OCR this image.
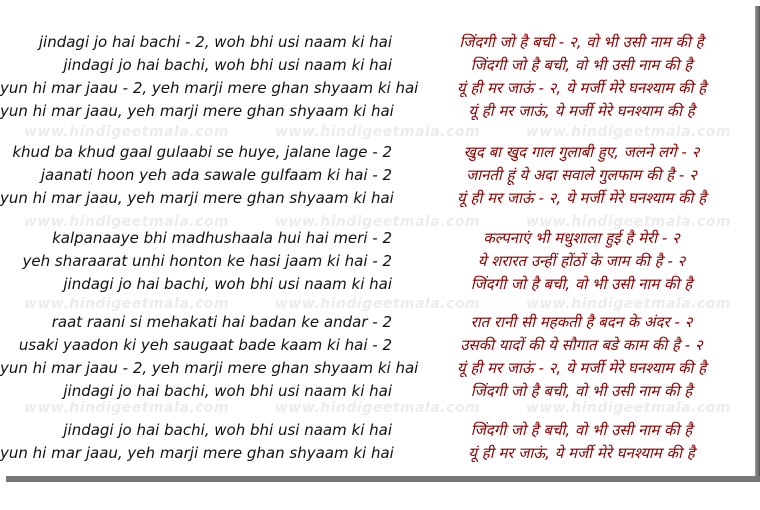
www.hindigeetmala.com	www.hindigeetmala.com	www.hindigeetmala.com
www.hindigeetmala.com	www.hindigeetmala.com	www.hindigeetmala.com
www.hindigeetmala.com	www.hindigeetmala.com	www.hindigeetmala.com
www.hindigeetmala.com	www.hindigeetmala.com	www.hindigeetmala.com
jindagi jo hai bachi - 2, woh bhi usi naam ki hai	जिंदगी जो है बची - २, वो भी उसी नाम की है
jindagi jo hai bachi, woh bhi usi naam ki hai	जिंदगी जो है बची, वो भी उसी नाम की है
yun hi mar jaau - 2, yeh marji mere ghan shyaam ki hai	यूं ही मर जाऊं - २, ये मर्जी मेरे घनश्याम की है
yun hi mar jaau, yeh marji mere ghan shyaam ki hai	यूं ही मर जाऊं, ये मर्जी मेरे घनश्याम की है
khud ba khud gaal gulaabi se huye, jalane lage - 2	खुद बा खुद गाल गुलाबी हुए, जलने लगे - २
jaanati hoon yeh ada sawale gulfaam ki hai - 2	जानती हूं ये अदा सवाले गुलफाम की है - २
yun hi mar jaau, yeh marji mere ghan shyaam ki hai	यूं ही मर जाऊं - २, ये मर्जी मेरे घनश्याम की है
kalpanaaye bhi madhushaala hui hai meri - 2	कल्पनाएं भी मधुशाला हुई है मेरी - २
yeh sharaarat unhi honton ke hasi jaam ki hai - 2	ये शरारत उन्हीं होंठों के जाम की है - २
jindagi jo hai bachi, woh bhi usi naam ki hai	जिंदगी जो है बची, वो भी उसी नाम की है
raat raani si mehakati hai badan ke andar - 2	रात रानी सी महकती है बदन के अंदर - २
usaki yaadon ki yeh saugaat bade kaam ki hai - 2	उसकी यादों की ये सौगात बडे काम की है - २
yun hi mar jaau - 2, yeh marji mere ghan shyaam ki hai	यूं ही मर जाऊं - २, ये मर्जी मेरे घनश्याम की है
jindagi jo hai bachi, woh bhi usi naam ki hai	जिंदगी जो है बची, वो भी उसी नाम की है
jindagi jo hai bachi, woh bhi usi naam ki hai	जिंदगी जो है बची, वो भी उसी नाम की है
yun hi mar jaau, yeh marji mere ghan shyaam ki hai	यूं ही मर जाऊं, ये मर्जी मेरे घनश्याम की है
http://www.hindigeetmala.com
